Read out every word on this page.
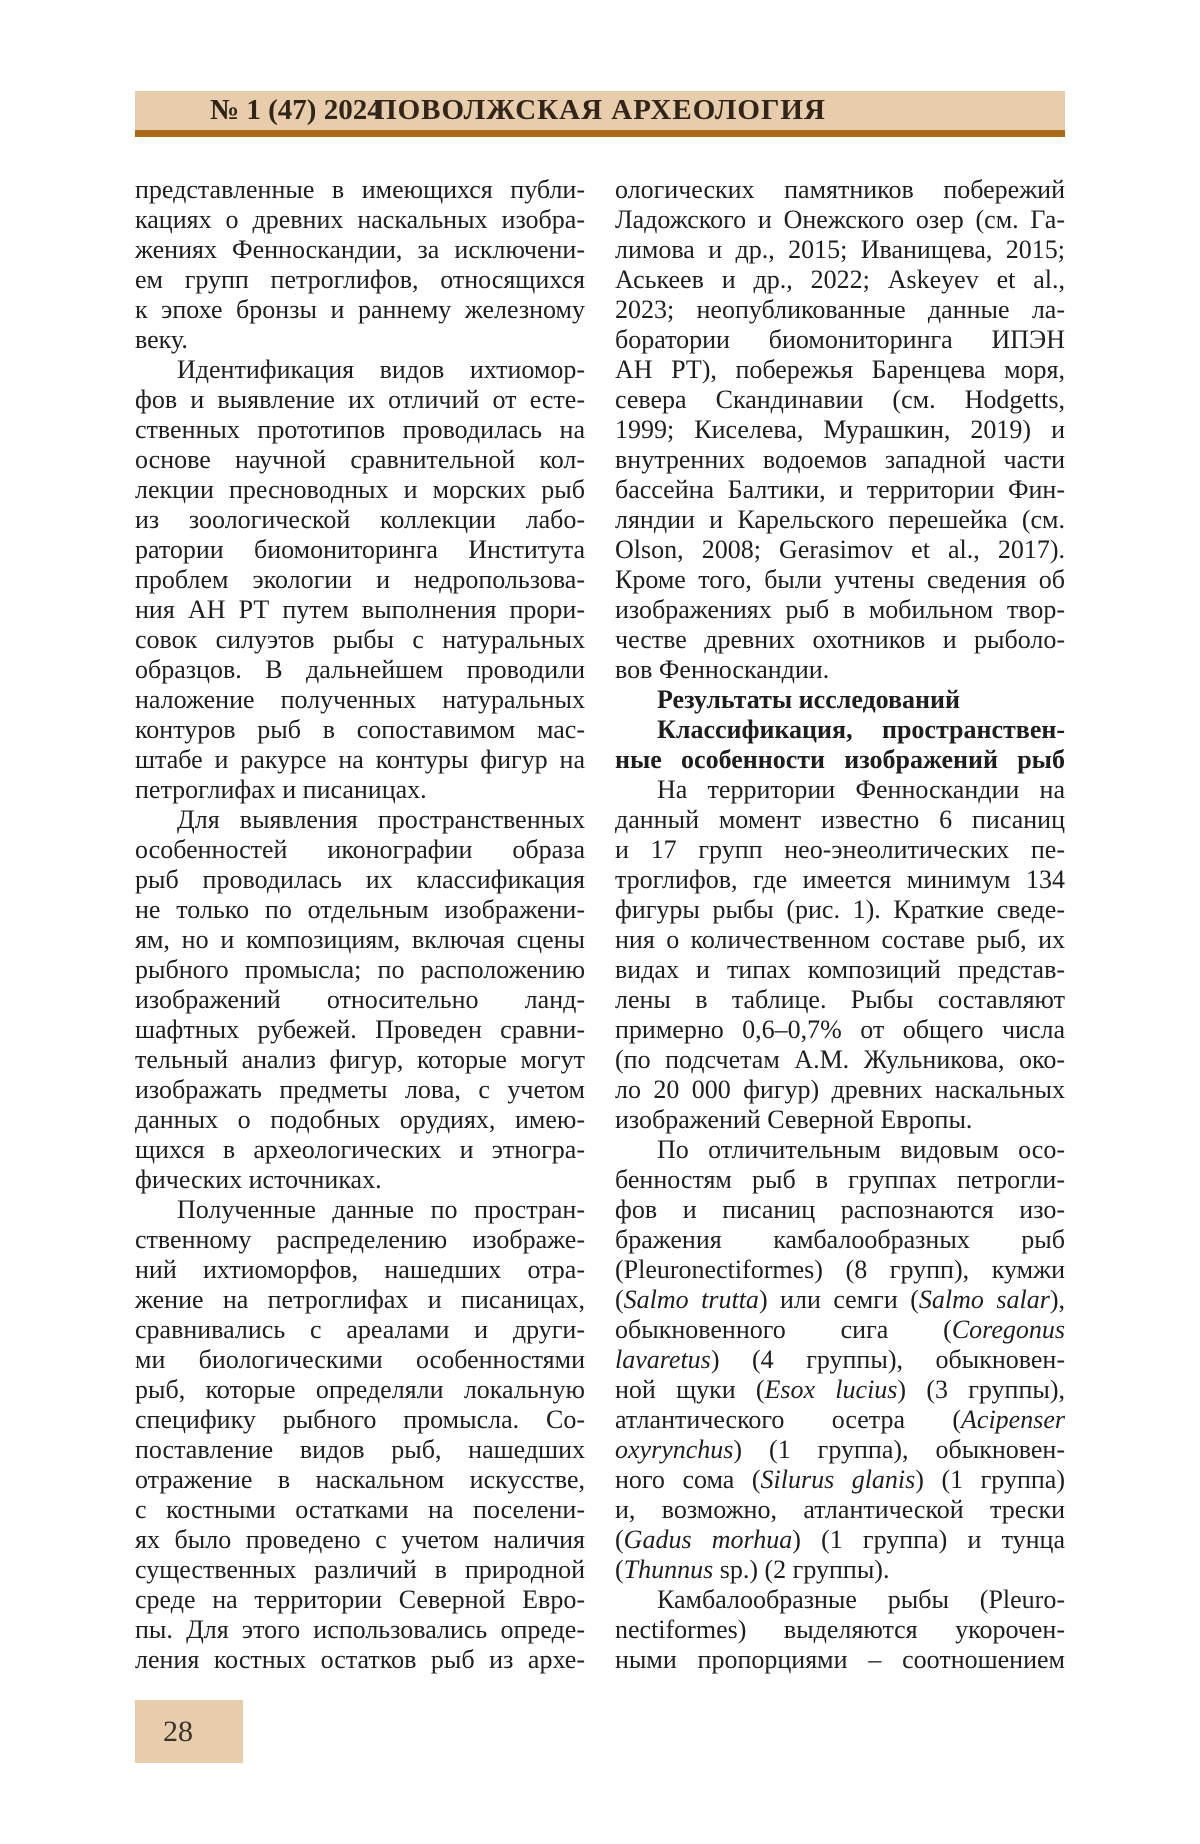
№ 1 (47) 2024
ПОВОЛЖСКАЯ АРХЕОЛОГИЯ
представленные в имеющихся публи-
кациях о древних наскальных изобра-
жениях Фенноскандии, за исключени-
ем групп петроглифов, относящихся
к эпохе бронзы и раннему железному
веку.
Идентификация видов ихтиомор-
фов и выявление их отличий от есте-
ственных прототипов проводилась на
основе научной сравнительной кол-
лекции пресноводных и морских рыб
из зоологической коллекции лабо-
ратории биомониторинга Института
проблем экологии и недропользова-
ния АН РТ путем выполнения прори-
совок силуэтов рыбы с натуральных
образцов. В дальнейшем проводили
наложение полученных натуральных
контуров рыб в сопоставимом мас-
штабе и ракурсе на контуры фигур на
петроглифах и писаницах.
Для выявления пространственных
особенностей иконографии образа
рыб проводилась их классификация
не только по отдельным изображени-
ям, но и композициям, включая сцены
рыбного промысла; по расположению
изображений относительно ланд-
шафтных рубежей. Проведен сравни-
тельный анализ фигур, которые могут
изображать предметы лова, с учетом
данных о подобных орудиях, имею-
щихся в археологических и этногра-
фических источниках.
Полученные данные по простран-
ственному распределению изображе-
ний ихтиоморфов, нашедших отра-
жение на петроглифах и писаницах,
сравнивались с ареалами и други-
ми биологическими особенностями
рыб, которые определяли локальную
специфику рыбного промысла. Со-
поставление видов рыб, нашедших
отражение в наскальном искусстве,
с костными остатками на поселени-
ях было проведено с учетом наличия
существенных различий в природной
среде на территории Северной Евро-
пы. Для этого использовались опреде-
ления костных остатков рыб из архе-
ологических памятников побережий
Ладожского и Онежского озер (см. Га-
лимова и др., 2015; Иванищева, 2015;
Аськеев и др., 2022; Askeyev et al.,
2023; неопубликованные данные ла-
боратории биомониторинга ИПЭН
АН РТ), побережья Баренцева моря,
севера Скандинавии (см. Hodgetts,
1999; Киселева, Мурашкин, 2019) и
внутренних водоемов западной части
бассейна Балтики, и территории Фин-
ляндии и Карельского перешейка (см.
Olson, 2008; Gerasimov et al., 2017).
Кроме того, были учтены сведения об
изображениях рыб в мобильном твор-
честве древних охотников и рыболо-
вов Фенноскандии.
Результаты исследований
Классификация, пространствен-
ные особенности изображений рыб
На территории Фенноскандии на
данный момент известно 6 писаниц
и 17 групп нео-энеолитических пе-
троглифов, где имеется минимум 134
фигуры рыбы (рис. 1). Краткие сведе-
ния о количественном составе рыб, их
видах и типах композиций представ-
лены в таблице. Рыбы составляют
примерно 0,6–0,7% от общего числа
(по подсчетам А.М. Жульникова, око-
ло 20 000 фигур) древних наскальных
изображений Северной Европы.
По отличительным видовым осо-
бенностям рыб в группах петрогли-
фов и писаниц распознаются изо-
бражения камбалообразных рыб
(Pleuronectiformes) (8 групп), кумжи
(Salmo trutta) или семги (Salmo salar),
обыкновенного сига (Coregonus
lavaretus) (4 группы), обыкновен-
ной щуки (Esox lucius) (3 группы),
атлантического осетра (Acipenser
oxyrynchus) (1 группа), обыкновен-
ного сома (Silurus glanis) (1 группа)
и, возможно, атлантической трески
(Gadus morhua) (1 группа) и тунца
(Thunnus sp.) (2 группы).
Камбалообразные рыбы (Pleuro-
nectiformes) выделяются укорочен-
ными пропорциями – соотношением
28
